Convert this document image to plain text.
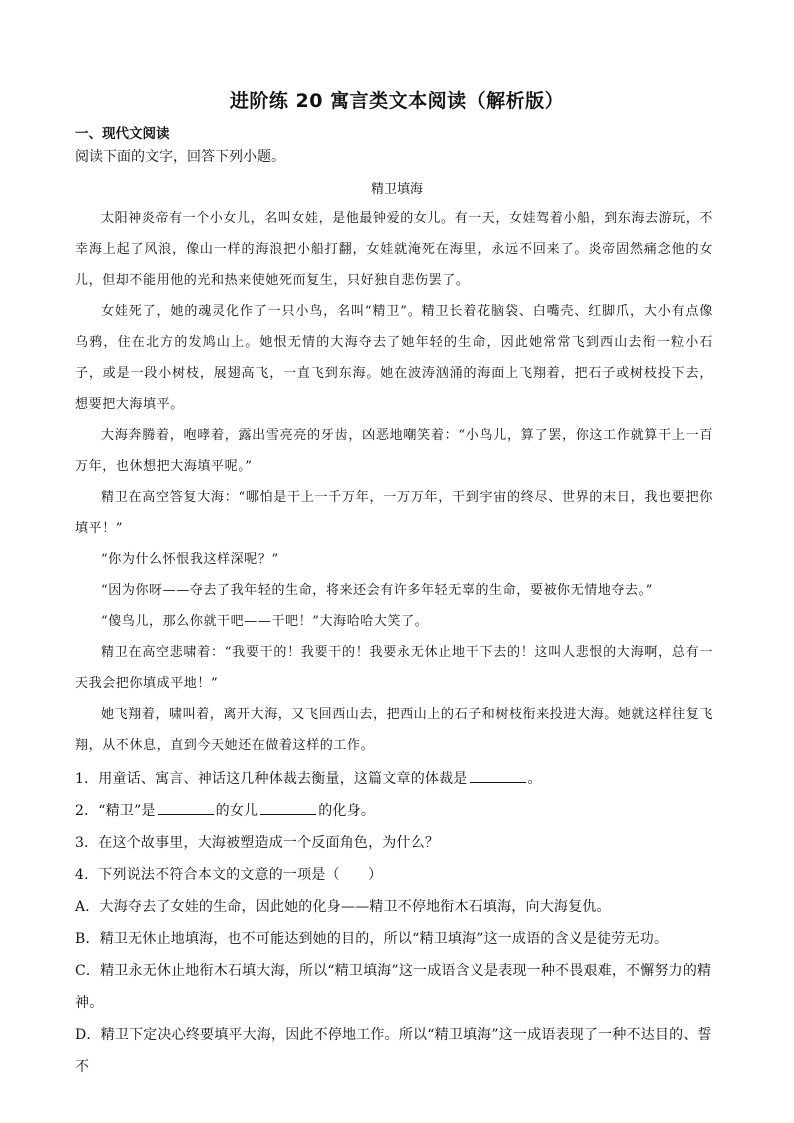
进阶练 20 寓言类文本阅读（解析版）
一、现代文阅读
阅读下面的文字，回答下列小题。
精卫填海

太阳神炎帝有一个小女儿，名叫女娃，是他最钟爱的女儿。有一天，女娃驾着小船，到东海去游玩，不幸海上起了风浪，像山一样的海浪把小船打翻，女娃就淹死在海里，永远不回来了。炎帝固然痛念他的女儿，但却不能用他的光和热来使她死而复生，只好独自悲伤罢了。

女娃死了，她的魂灵化作了一只小鸟，名叫“精卫”。精卫长着花脑袋、白嘴壳、红脚爪，大小有点像乌鸦，住在北方的发鸠山上。她恨无情的大海夺去了她年轻的生命，因此她常常飞到西山去衔一粒小石子，或是一段小树枝，展翅高飞，一直飞到东海。她在波涛汹涌的海面上飞翔着，把石子或树枝投下去，想要把大海填平。

大海奔腾着，咆哮着，露出雪亮亮的牙齿，凶恶地嘲笑着：“小鸟儿，算了罢，你这工作就算干上一百万年，也休想把大海填平呢。”

精卫在高空答复大海：“哪怕是干上一千万年，一万万年，干到宇宙的终尽、世界的末日，我也要把你填平！”

“你为什么怀恨我这样深呢？”

“因为你呀——夺去了我年轻的生命，将来还会有许多年轻无辜的生命，要被你无情地夺去。”

“傻鸟儿，那么你就干吧——干吧！”大海哈哈大笑了。

精卫在高空悲啸着：“我要干的！我要干的！我要永无休止地干下去的！这叫人悲恨的大海啊，总有一天我会把你填成平地！”

她飞翔着，啸叫着，离开大海，又飞回西山去，把西山上的石子和树枝衔来投进大海。她就这样往复飞翔，从不休息，直到今天她还在做着这样的工作。

1．用童话、寓言、神话这几种体裁去衡量，这篇文章的体裁是	。

2．“精卫”是	的女儿	的化身。

3．在这个故事里，大海被塑造成一个反面角色，为什么？

4．下列说法不符合本文的文意的一项是（　　）

A．大海夺去了女娃的生命，因此她的化身——精卫不停地衔木石填海，向大海复仇。

B．精卫无休止地填海，也不可能达到她的目的，所以“精卫填海”这一成语的含义是徒劳无功。

C．精卫永无休止地衔木石填大海，所以“精卫填海”这一成语含义是表现一种不畏艰难，不懈努力的精神。

D．精卫下定决心终要填平大海，因此不停地工作。所以“精卫填海”这一成语表现了一种不达目的、誓不
